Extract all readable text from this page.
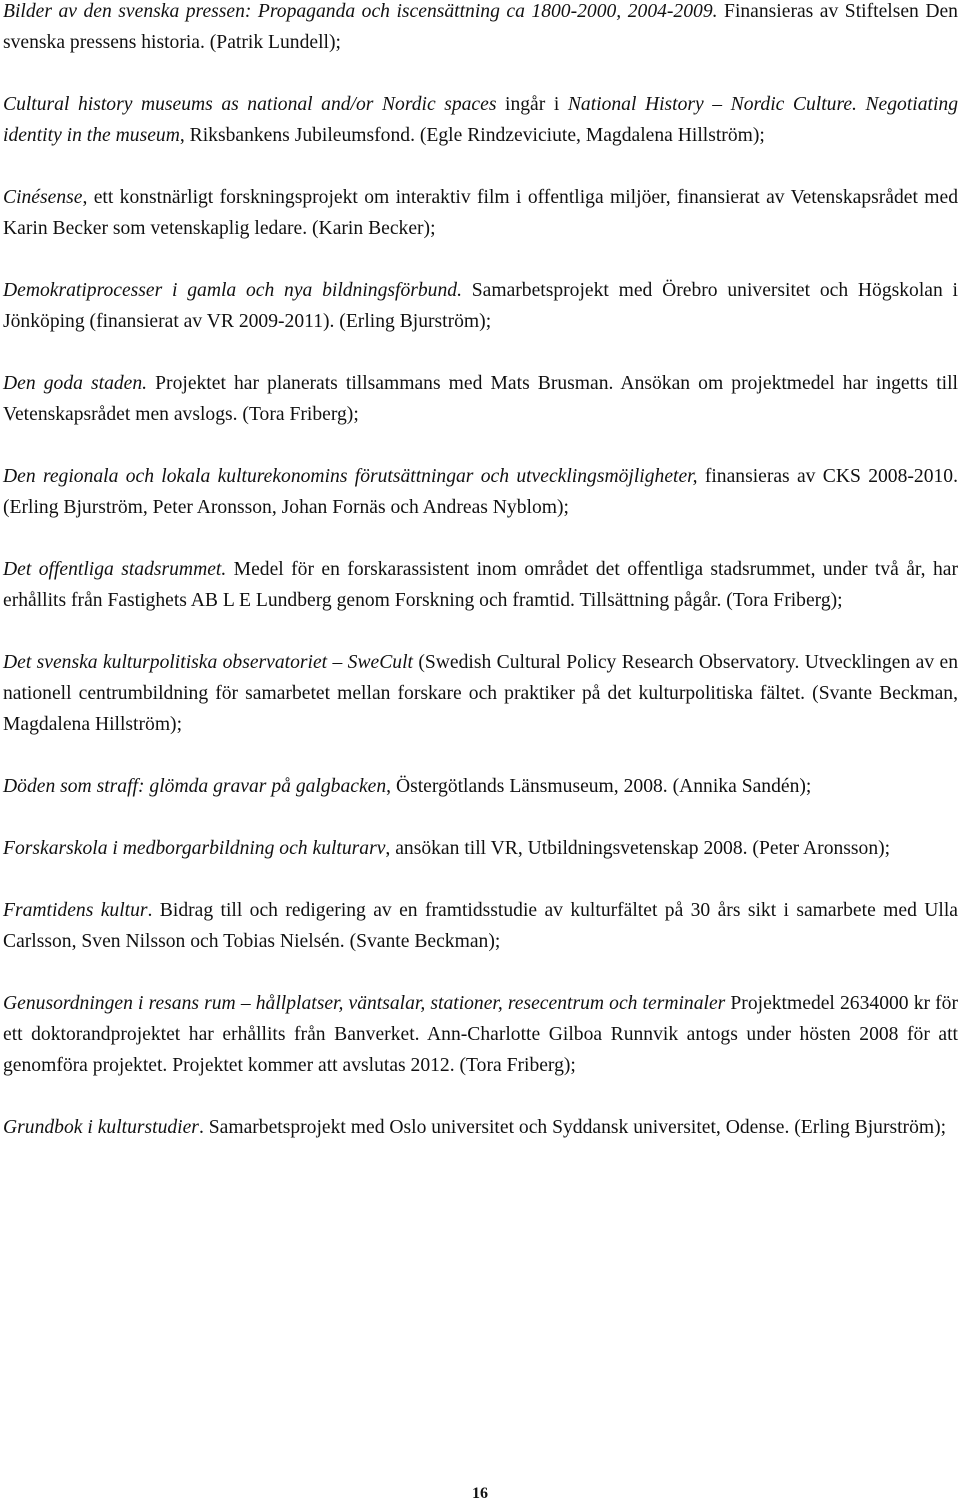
Bilder av den svenska pressen: Propaganda och iscensättning ca 1800-2000, 2004-2009. Finansieras av Stiftelsen Den svenska pressens historia. (Patrik Lundell);

Cultural history museums as national and/or Nordic spaces ingår i National History – Nordic Culture. Negotiating identity in the museum, Riksbankens Jubileumsfond. (Egle Rindzeviciute, Magdalena Hillström);

Cinésense, ett konstnärligt forskningsprojekt om interaktiv film i offentliga miljöer, finansierat av Vetenskapsrådet med Karin Becker som vetenskaplig ledare. (Karin Becker);

Demokratiprocesser i gamla och nya bildningsförbund. Samarbetsprojekt med Örebro universitet och Högskolan i Jönköping (finansierat av VR 2009-2011). (Erling Bjurström);

Den goda staden. Projektet har planerats tillsammans med Mats Brusman. Ansökan om projektmedel har ingetts till Vetenskapsrådet men avslogs. (Tora Friberg);

Den regionala och lokala kulturekonomins förutsättningar och utvecklingsmöjligheter, finansieras av CKS 2008-2010. (Erling Bjurström, Peter Aronsson, Johan Fornäs och Andreas Nyblom);

Det offentliga stadsrummet. Medel för en forskarassistent inom området det offentliga stadsrummet, under två år, har erhållits från Fastighets AB L E Lundberg genom Forskning och framtid. Tillsättning pågår. (Tora Friberg);

Det svenska kulturpolitiska observatoriet – SweCult (Swedish Cultural Policy Research Observatory. Utvecklingen av en nationell centrumbildning för samarbetet mellan forskare och praktiker på det kulturpolitiska fältet. (Svante Beckman, Magdalena Hillström);

Döden som straff: glömda gravar på galgbacken, Östergötlands Länsmuseum, 2008. (Annika Sandén);

Forskarskola i medborgarbildning och kulturarv, ansökan till VR, Utbildningsvetenskap 2008. (Peter Aronsson);

Framtidens kultur. Bidrag till och redigering av en framtidsstudie av kulturfältet på 30 års sikt i samarbete med Ulla Carlsson, Sven Nilsson och Tobias Nielsén. (Svante Beckman);

Genusordningen i resans rum – hållplatser, väntsalar, stationer, resecentrum och terminaler Projektmedel 2634000 kr för ett doktorandprojektet har erhållits från Banverket. Ann-Charlotte Gilboa Runnvik antogs under hösten 2008 för att genomföra projektet. Projektet kommer att avslutas 2012. (Tora Friberg);

Grundbok i kulturstudier. Samarbetsprojekt med Oslo universitet och Syddansk universitet, Odense. (Erling Bjurström);

16
